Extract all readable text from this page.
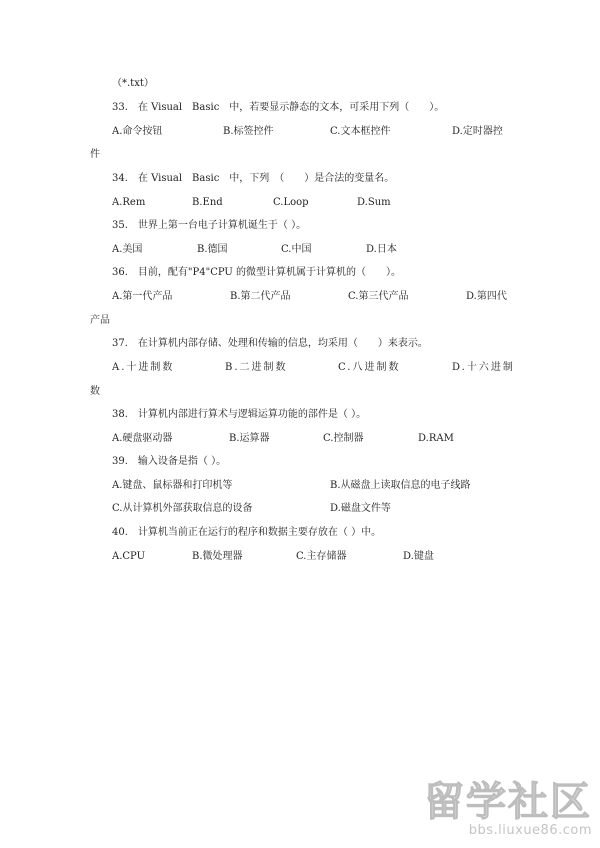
（*.txt）
33.　在 Visual　Basic　中，若要显示静态的文本，可采用下列（　　）。
A.命令按钮	B.标签控件	C.文本框控件	D.定时器控
件
34.　在 Visual　Basic　中，下列　（　　）是合法的变量名。
A.Rem	B.End	C.Loop	D.Sum
35.　世界上第一台电子计算机诞生于（ ）。
A.美国	B.德国	C.中国	D.日本
36.　目前，配有"P4"CPU 的微型计算机属于计算机的（　　）。
A.第一代产品	B.第二代产品	C.第三代产品	D.第四代
产品
37.　在计算机内部存储、处理和传输的信息，均采用（　　）来表示。
A.十进制数	B.二进制数	C.八进制数	D.十六进制
数
38.　计算机内部进行算术与逻辑运算功能的部件是（ ）。
A.硬盘驱动器	B.运算器	C.控制器	D.RAM
39.　输入设备是指（ ）。
A.键盘、鼠标器和打印机等	B.从磁盘上读取信息的电子线路
C.从计算机外部获取信息的设备	D.磁盘文件等
40.　计算机当前正在运行的程序和数据主要存放在（ ）中。
A.CPU	B.微处理器	C.主存储器	D.键盘
留学社区
bbs.liuxue86.com
